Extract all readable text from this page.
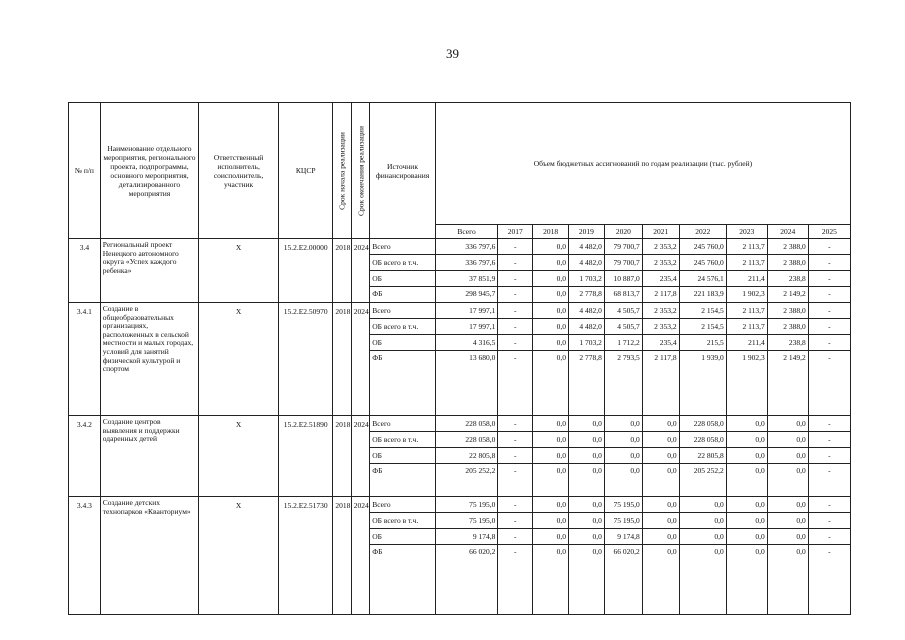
39
№ п/п	Наименование отдельного мероприятия, регионального проекта, подпрограммы, основного мероприятия, детализированного мероприятия	Ответственный исполнитель, соисполнитель, участник	КЦСР	Срок начала реализации	Срок окончания реализации	Источник финансирования	Объем бюджетных ассигнований по годам реализации (тыс. рублей)									
							Всего	2017	2018	2019	2020	2021	2022	2023	2024	2025
3.4	Региональный проект Ненецкого автономного округа «Успех каждого ребенка»	X	15.2.Е2.00000	2018	2024	Всего	336 797,6	-	0,0	4 482,0	79 700,7	2 353,2	245 760,0	2 113,7	2 388,0	-
						ОБ всего в т.ч.	336 797,6	-	0,0	4 482,0	79 700,7	2 353,2	245 760,0	2 113,7	2 388,0	-
						ОБ	37 851,9	-	0,0	1 703,2	10 887,0	235,4	24 576,1	211,4	238,8	-
						ФБ	298 945,7	-	0,0	2 778,8	68 813,7	2 117,8	221 183,9	1 902,3	2 149,2	-
3.4.1	Создание в общеобразовательных организациях, расположенных в сельской местности и малых городах, условий для занятий физической культурой и спортом	X	15.2.Е2.50970	2018	2024	Всего	17 997,1	-	0,0	4 482,0	4 505,7	2 353,2	2 154,5	2 113,7	2 388,0	-
						ОБ всего в т.ч.	17 997,1	-	0,0	4 482,0	4 505,7	2 353,2	2 154,5	2 113,7	2 388,0	-
						ОБ	4 316,5	-	0,0	1 703,2	1 712,2	235,4	215,5	211,4	238,8	-
						ФБ	13 680,0	-	0,0	2 778,8	2 793,5	2 117,8	1 939,0	1 902,3	2 149,2	-
3.4.2	Создание центров выявления и поддержки одаренных детей	X	15.2.Е2.51890	2018	2024	Всего	228 058,0	-	0,0	0,0	0,0	0,0	228 058,0	0,0	0,0	-
						ОБ всего в т.ч.	228 058,0	-	0,0	0,0	0,0	0,0	228 058,0	0,0	0,0	-
						ОБ	22 805,8	-	0,0	0,0	0,0	0,0	22 805,8	0,0	0,0	-
						ФБ	205 252,2	-	0,0	0,0	0,0	0,0	205 252,2	0,0	0,0	-
3.4.3	Создание детских технопарков «Кванториум»	X	15.2.Е2.51730	2018	2024	Всего	75 195,0	-	0,0	0,0	75 195,0	0,0	0,0	0,0	0,0	-
						ОБ всего в т.ч.	75 195,0	-	0,0	0,0	75 195,0	0,0	0,0	0,0	0,0	-
						ОБ	9 174,8	-	0,0	0,0	9 174,8	0,0	0,0	0,0	0,0	-
						ФБ	66 020,2	-	0,0	0,0	66 020,2	0,0	0,0	0,0	0,0	-
